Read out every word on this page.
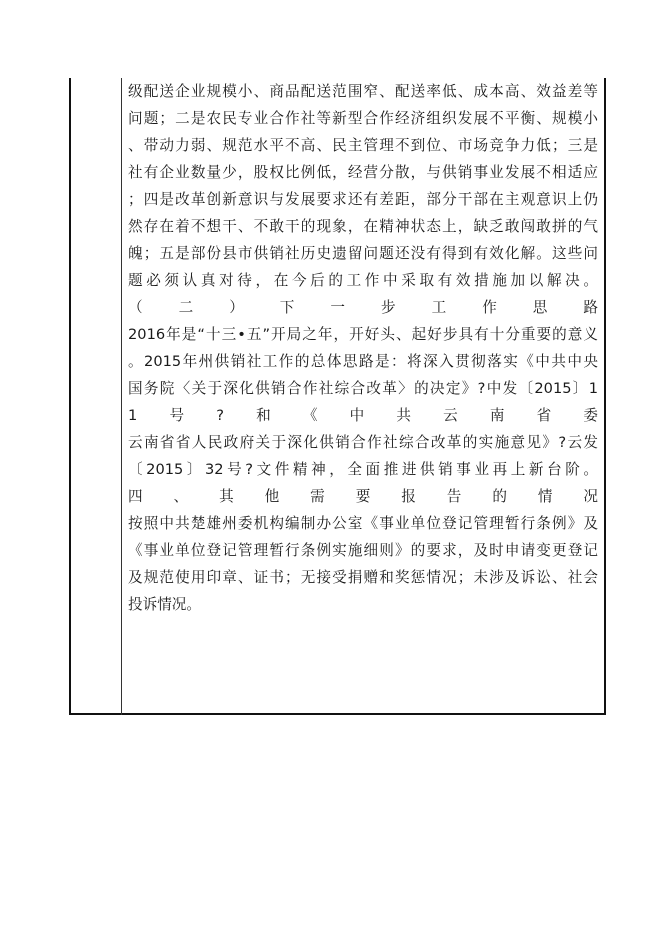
级配送企业规模小、商品配送范围窄、配送率低、成本高、效益差等
问题；二是农民专业合作社等新型合作经济组织发展不平衡、规模小
、带动力弱、规范水平不高、民主管理不到位、市场竞争力低；三是
社有企业数量少，股权比例低，经营分散，与供销事业发展不相适应
；四是改革创新意识与发展要求还有差距，部分干部在主观意识上仍
然存在着不想干、不敢干的现象，在精神状态上，缺乏敢闯敢拼的气
魄；五是部份县市供销社历史遗留问题还没有得到有效化解。这些问
题必须认真对待，在今后的工作中采取有效措施加以解决。
（二）下一步工作思路
2016年是“十三•五”开局之年，开好头、起好步具有十分重要的意义
。2015年州供销社工作的总体思路是：将深入贯彻落实《中共中央
国务院〈关于深化供销合作社综合改革〉的决定》?中发〔2015〕1
1号?和《中共云南省委
云南省省人民政府关于深化供销合作社综合改革的实施意见》?云发
〔2015〕32号?文件精神，全面推进供销事业再上新台阶。
四、其他需要报告的情况
按照中共楚雄州委机构编制办公室《事业单位登记管理暂行条例》及
《事业单位登记管理暂行条例实施细则》的要求，及时申请变更登记
及规范使用印章、证书；无接受捐赠和奖惩情况；未涉及诉讼、社会
投诉情况。
